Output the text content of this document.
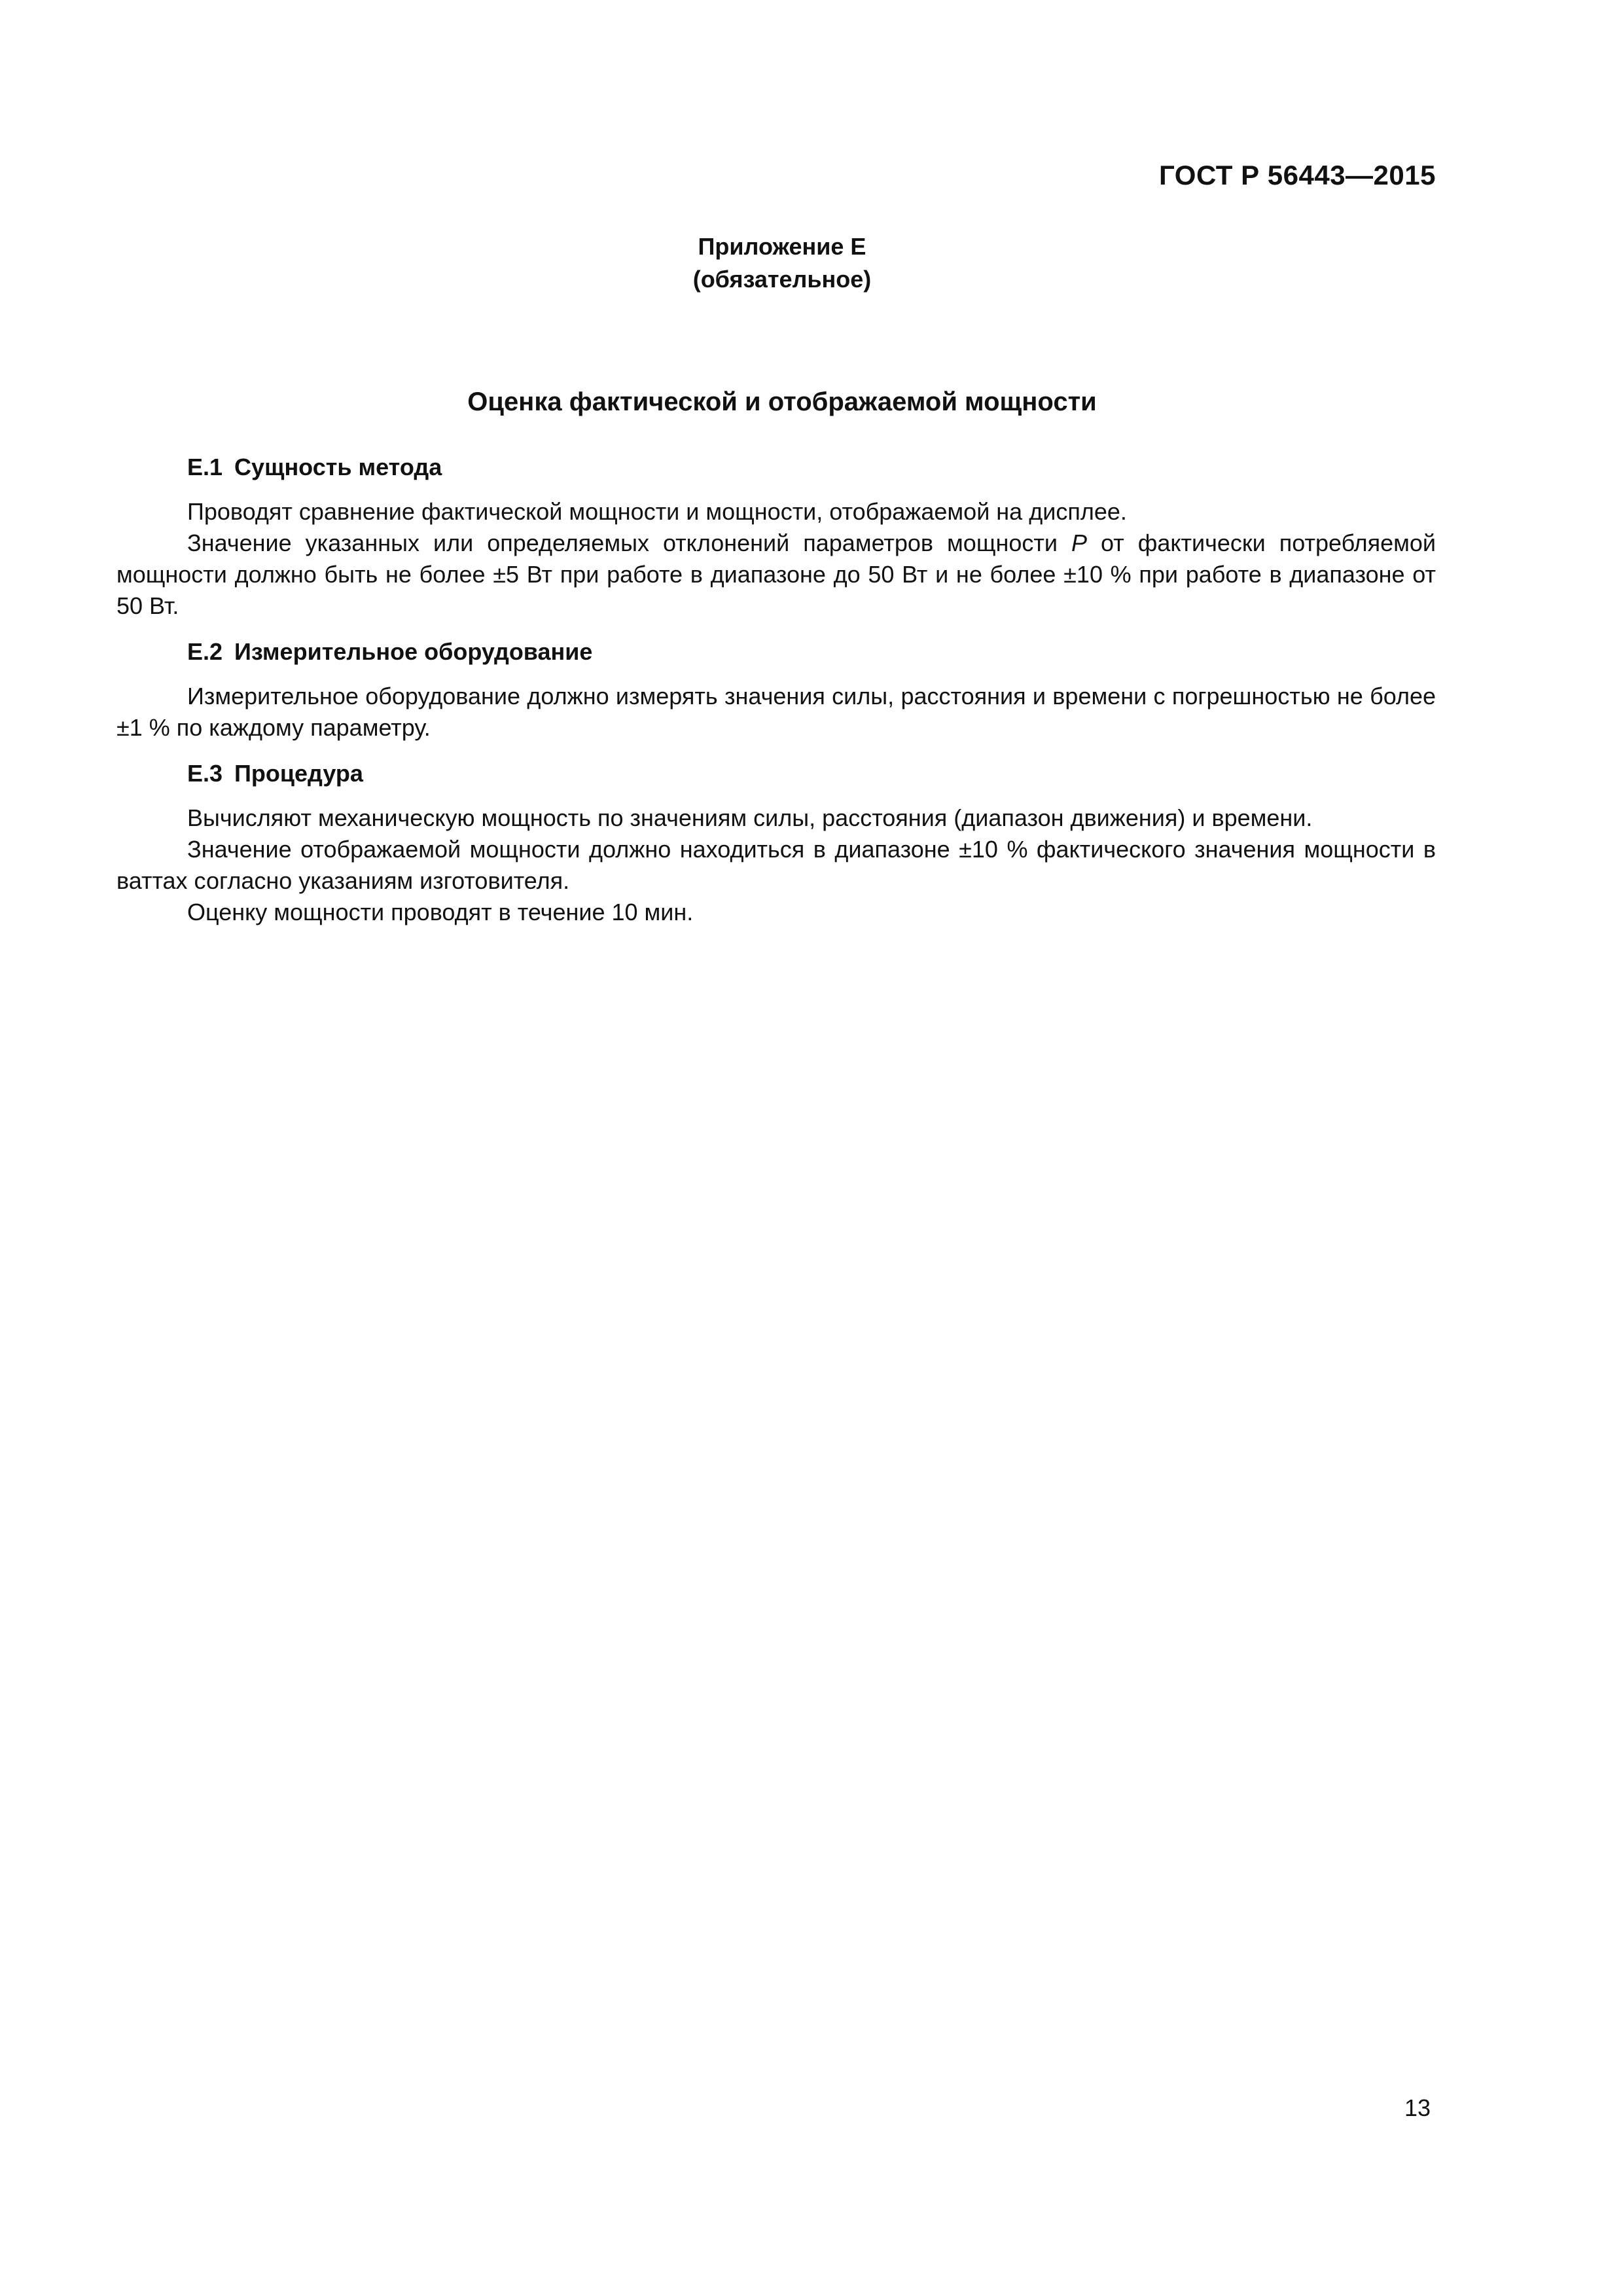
ГОСТ Р 56443—2015
Приложение Е
(обязательное)
Оценка фактической и отображаемой мощности

Е.1 Сущность метода

Проводят сравнение фактической мощности и мощности, отображаемой на дисплее.

Значение указанных или определяемых отклонений параметров мощности P от фактически потребляемой мощности должно быть не более ±5 Вт при работе в диапазоне до 50 Вт и не более ±10 % при работе в диапазоне от 50 Вт.

Е.2 Измерительное оборудование

Измерительное оборудование должно измерять значения силы, расстояния и времени с погрешностью не более ±1 % по каждому параметру.

Е.3 Процедура

Вычисляют механическую мощность по значениям силы, расстояния (диапазон движения) и времени.

Значение отображаемой мощности должно находиться в диапазоне ±10 % фактического значения мощности в ваттах согласно указаниям изготовителя.

Оценку мощности проводят в течение 10 мин.

13
